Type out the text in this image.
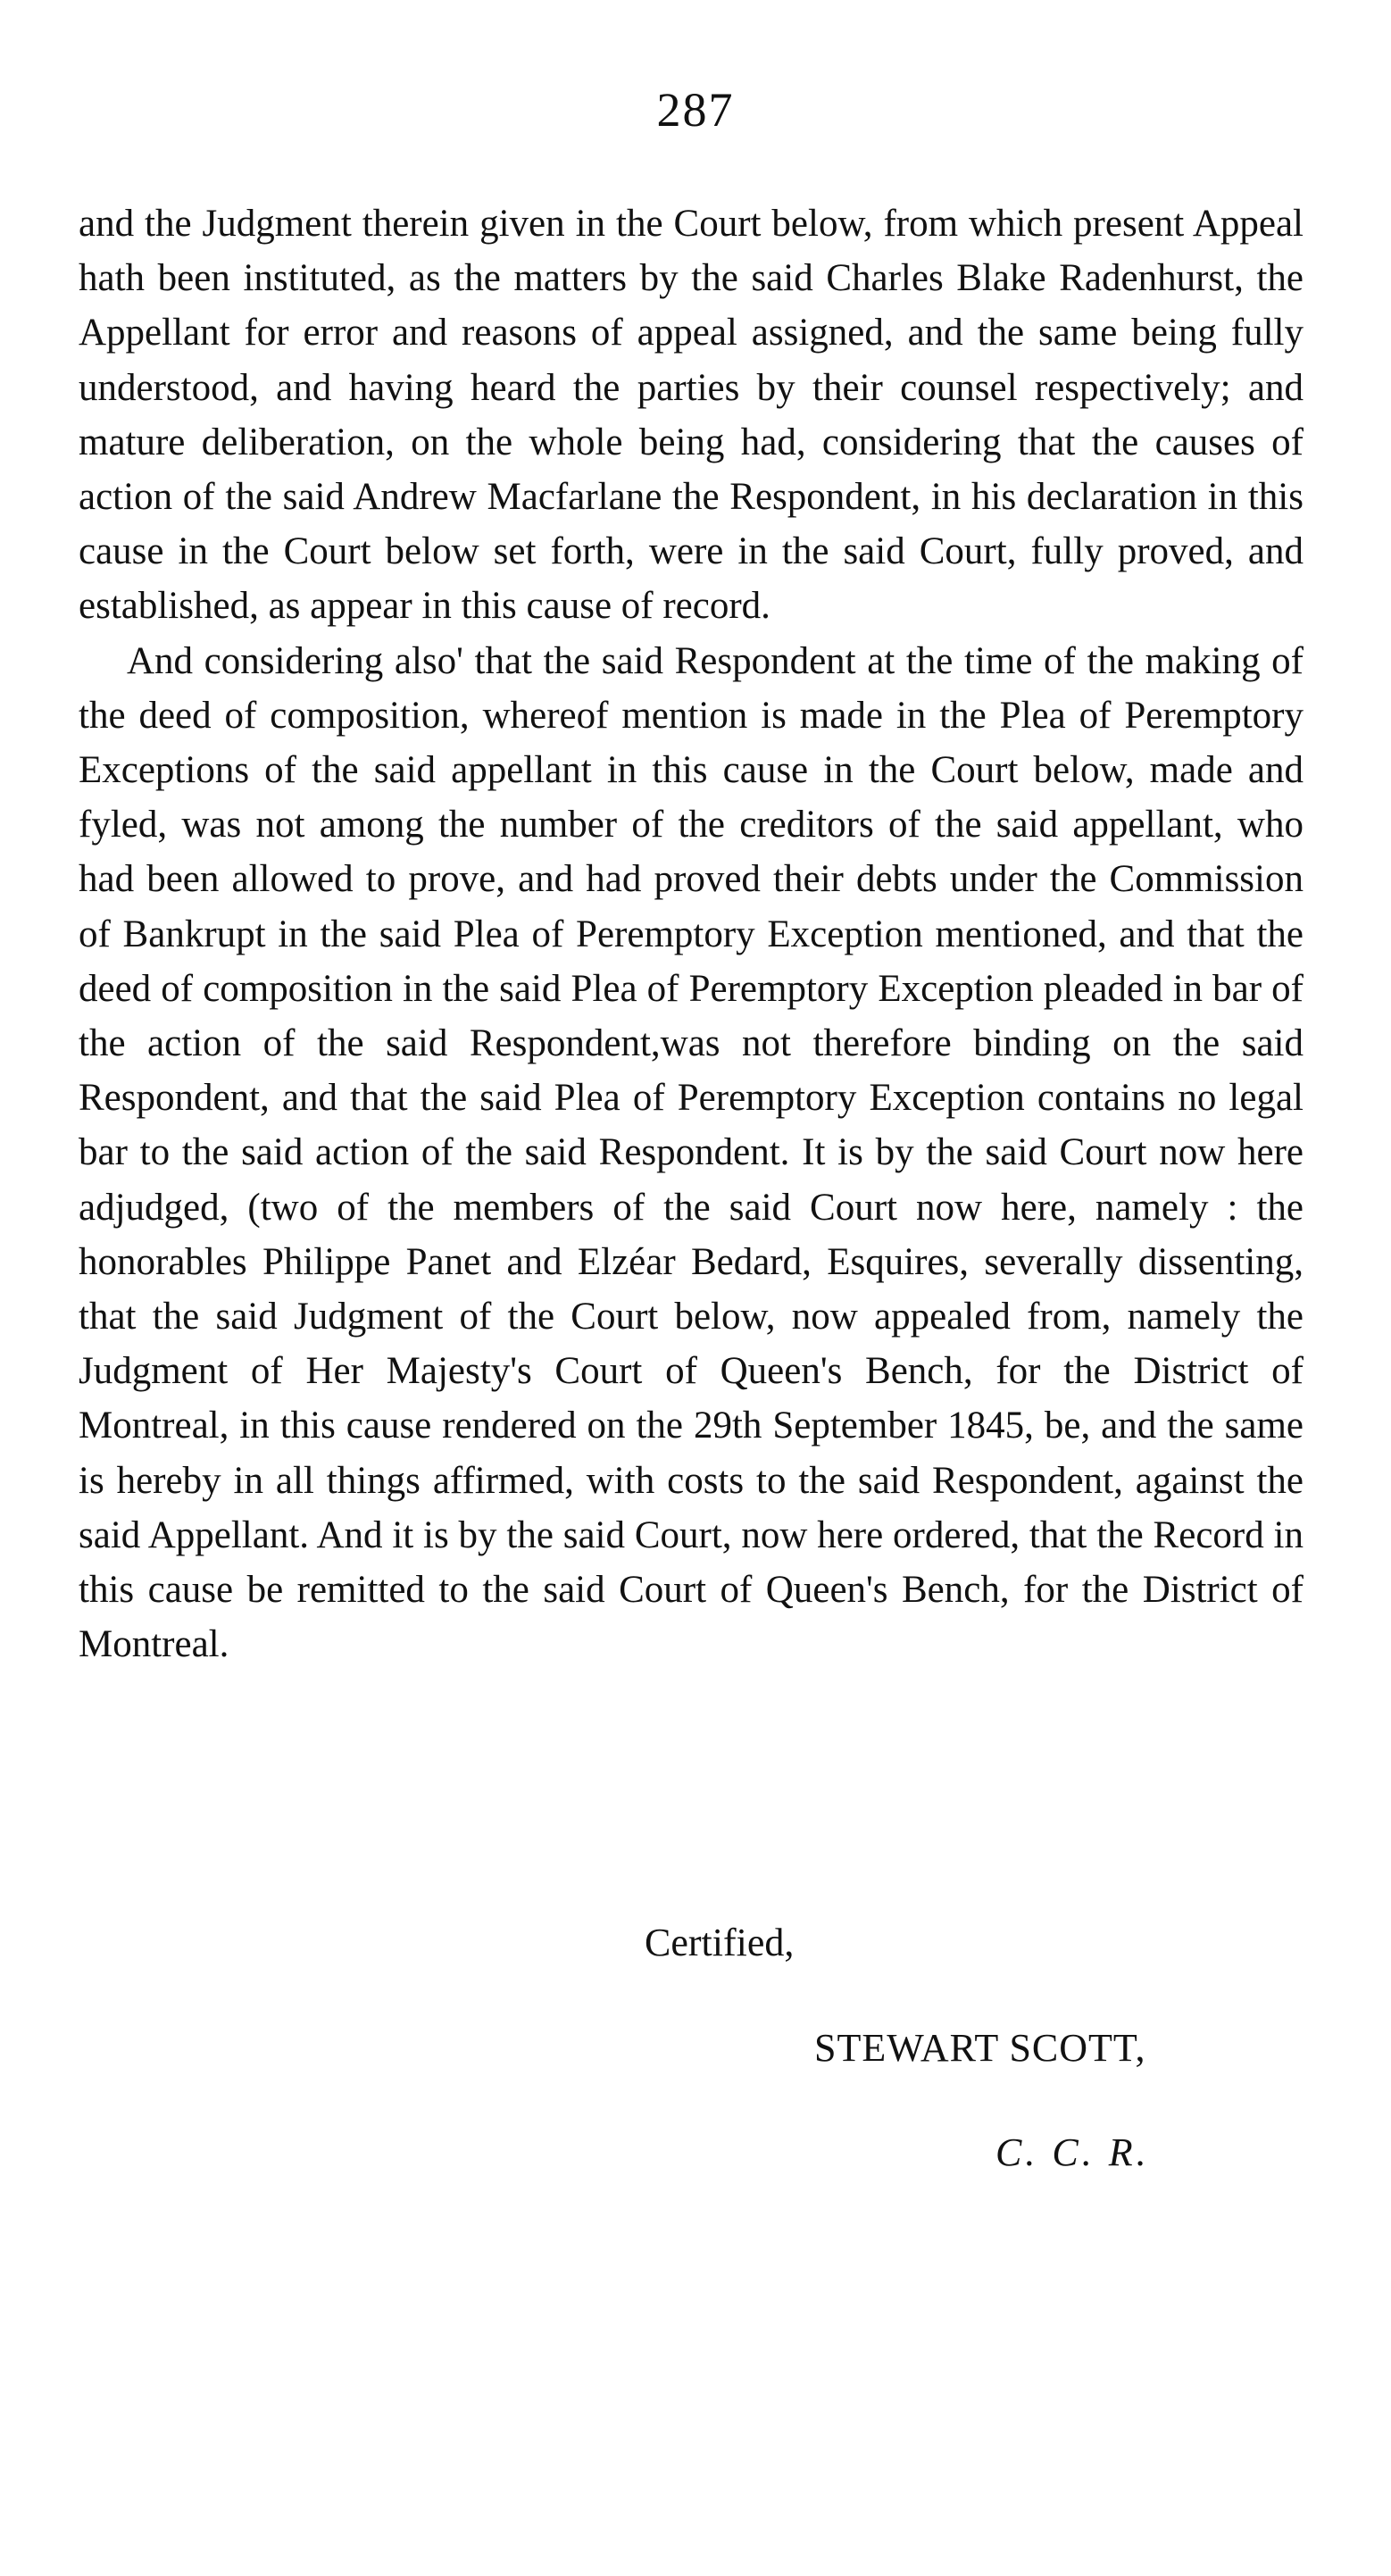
287

and the Judgment therein given in the Court below, from which present Appeal hath been instituted, as the matters by the said Charles Blake Radenhurst, the Appellant for error and reasons of appeal assigned, and the same being fully understood, and having heard the parties by their counsel respectively; and mature deliberation, on the whole being had, considering that the causes of action of the said Andrew Macfarlane the Respondent, in his declaration in this cause in the Court below set forth, were in the said Court, fully proved, and established, as appear in this cause of record.

And considering also' that the said Respondent at the time of the making of the deed of composition, whereof mention is made in the Plea of Peremptory Exceptions of the said appellant in this cause in the Court below, made and fyled, was not among the number of the creditors of the said appellant, who had been allowed to prove, and had proved their debts under the Commission of Bankrupt in the said Plea of Peremptory Exception mentioned, and that the deed of composition in the said Plea of Peremptory Exception pleaded in bar of the action of the said Respondent,was not therefore binding on the said Respondent, and that the said Plea of Peremptory Exception contains no legal bar to the said action of the said Respondent. It is by the said Court now here adjudged, (two of the members of the said Court now here, namely : the honorables Philippe Panet and Elzéar Bedard, Esquires, severally dissenting, that the said Judgment of the Court below, now appealed from, namely the Judgment of Her Majesty's Court of Queen's Bench, for the District of Montreal, in this cause rendered on the 29th September 1845, be, and the same is hereby in all things affirmed, with costs to the said Respondent, against the said Appellant. And it is by the said Court, now here ordered, that the Record in this cause be remitted to the said Court of Queen's Bench, for the District of Montreal.

Certified,
STEWART SCOTT,
C. C. R.
